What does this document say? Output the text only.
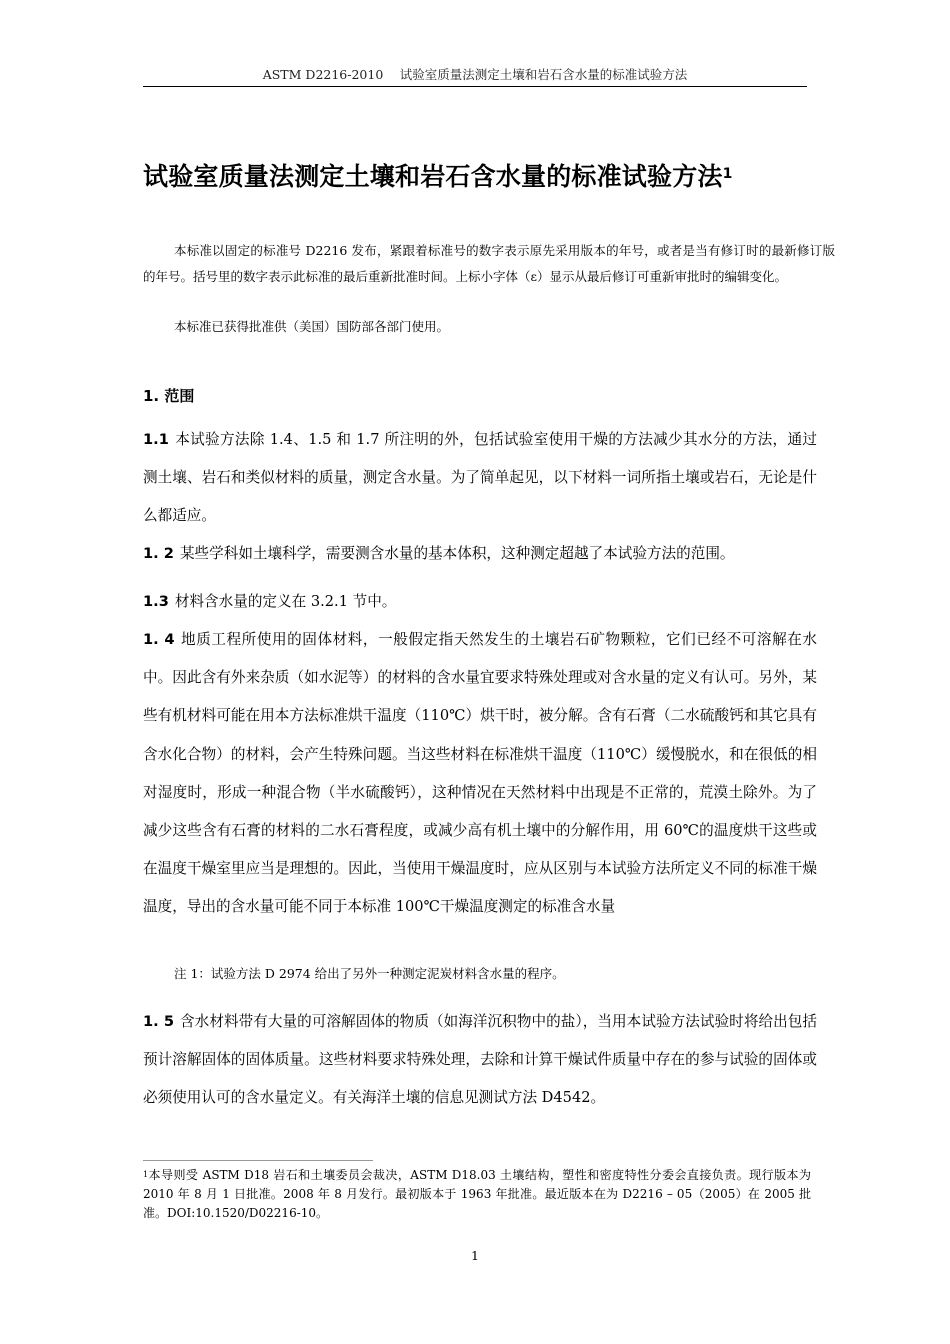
ASTM D2216-2010　 试验室质量法测定土壤和岩石含水量的标准试验方法
试验室质量法测定土壤和岩石含水量的标准试验方法$^1$

本标准以固定的标准号 D2216 发布，紧跟着标准号的数字表示原先采用版本的年号，或者是当有修订时的最新修订版的年号。括号里的数字表示此标准的最后重新批准时间。上标小字体（ε）显示从最后修订可重新审批时的编辑变化。

本标准已获得批准供（美国）国防部各部门使用。

1. 范围

1.1 本试验方法除 1.4、1.5 和 1.7 所注明的外，包括试验室使用干燥的方法减少其水分的方法，通过测土壤、岩石和类似材料的质量，测定含水量。为了简单起见，以下材料一词所指土壤或岩石，无论是什么都适应。

1. 2 某些学科如土壤科学，需要测含水量的基本体积，这种测定超越了本试验方法的范围。

1.3 材料含水量的定义在 3.2.1 节中。

1. 4 地质工程所使用的固体材料，一般假定指天然发生的土壤岩石矿物颗粒，它们已经不可溶解在水中。因此含有外来杂质（如水泥等）的材料的含水量宜要求特殊处理或对含水量的定义有认可。另外，某些有机材料可能在用本方法标准烘干温度（110℃）烘干时，被分解。含有石膏（二水硫酸钙和其它具有含水化合物）的材料，会产生特殊问题。当这些材料在标准烘干温度（110℃）缓慢脱水，和在很低的相对湿度时，形成一种混合物（半水硫酸钙），这种情况在天然材料中出现是不正常的，荒漠土除外。为了减少这些含有石膏的材料的二水石膏程度，或减少高有机土壤中的分解作用，用 60℃的温度烘干这些或在温度干燥室里应当是理想的。因此，当使用干燥温度时，应从区别与本试验方法所定义不同的标准干燥温度，导出的含水量可能不同于本标准 100℃干燥温度测定的标准含水量

注 1：试验方法 D 2974 给出了另外一种测定泥炭材料含水量的程序。

1. 5 含水材料带有大量的可溶解固体的物质（如海洋沉积物中的盐），当用本试验方法试验时将给出包括预计溶解固体的固体质量。这些材料要求特殊处理，去除和计算干燥试件质量中存在的参与试验的固体或必须使用认可的含水量定义。有关海洋土壤的信息见测试方法 D4542。

$^1$本导则受 ASTM D18 岩石和土壤委员会裁决，ASTM D18.03 土壤结构，塑性和密度特性分委会直接负责。现行版本为 2010 年 8 月 1 日批准。2008 年 8 月发行。最初版本于 1963 年批准。最近版本在为 D2216 – 05（2005）在 2005 批准。DOI:10.1520/D02216-10。

1
